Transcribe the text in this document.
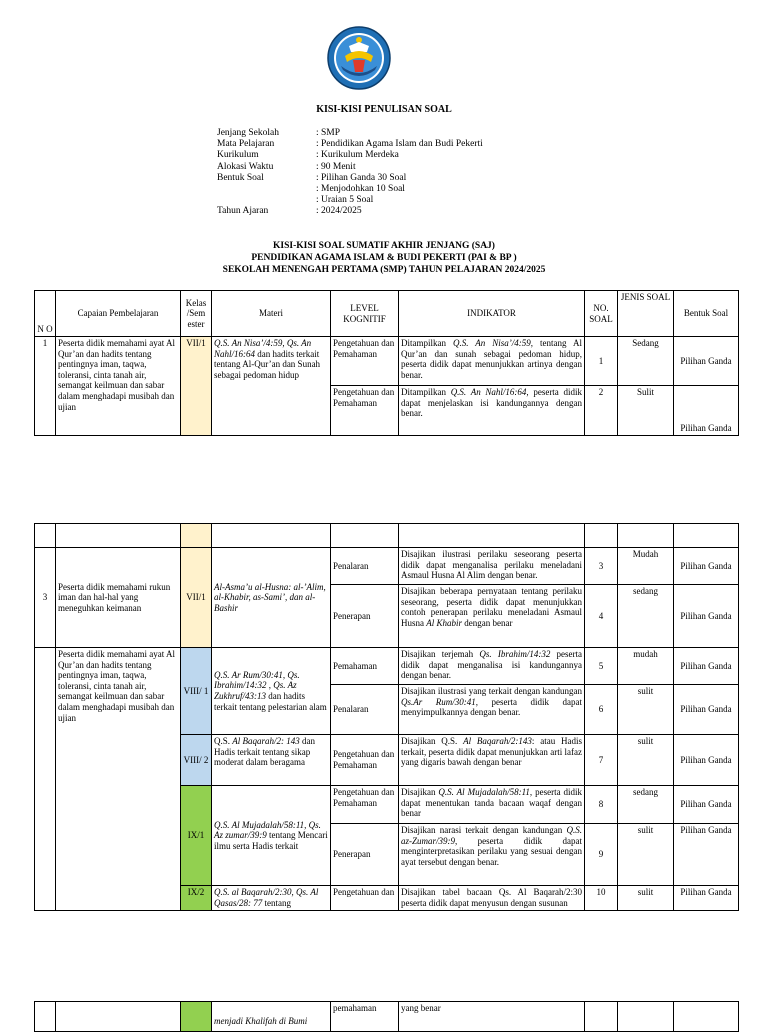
KISI-KISI PENULISAN SOAL
Jenjang Sekolah	: SMP
Mata Pelajaran	: Pendidikan Agama Islam dan Budi Pekerti
Kurikulum	: Kurikulum Merdeka
Alokasi Waktu	: 90 Menit
Bentuk Soal	: Pilihan Ganda 30 Soal
: Menjodohkan 10 Soal
: Uraian 5 Soal
Tahun Ajaran	: 2024/2025
KISI-KISI SOAL SUMATIF AKHIR JENJANG (SAJ)
PENDIDIKAN AGAMA ISLAM & BUDI PEKERTI (PAI & BP )
SEKOLAH MENENGAH PERTAMA (SMP) TAHUN PELAJARAN 2024/2025
N O	Capaian Pembelajaran	Kelas /Sem ester	Materi	LEVEL KOGNITIF	INDIKATOR	NO. SOAL	JENIS SOAL	Bentuk Soal
1	Peserta didik memahami ayat Al Qur’an dan hadits tentang pentingnya iman, taqwa, toleransi, cinta tanah air, semangat keilmuan dan sabar dalam menghadapi musibah dan ujian	VII/1	Q.S. An Nisa’/4:59, Qs. An Nahl/16:64 dan hadits terkait tentang Al-Qur’an dan Sunah sebagai pedoman hidup	Pengetahuan dan Pemahaman	Ditampilkan Q.S. An Nisa’/4:59, tentang Al Qur’an dan sunah sebagai pedoman hidup, peserta didik dapat menunjukkan artinya dengan benar.	1	Sedang	Pilihan Ganda
				Pengetahuan dan Pemahaman	Ditampilkan Q.S. An Nahl/16:64, peserta didik dapat menjelaskan isi kandungannya dengan benar.	2	Sulit	Pilihan Ganda

3	Peserta didik memahami rukun iman dan hal-hal yang meneguhkan keimanan	VII/1	Al-Asma’u al-Husna: al-’Alim, al-Khabir, as-Sami’, dan al-Bashir	Penalaran	Disajikan ilustrasi perilaku seseorang peserta didik dapat menganalisa perilaku meneladani Asmaul Husna Al Alim dengan benar.	3	Mudah	Pilihan Ganda
				Penerapan	Disajikan beberapa pernyataan tentang perilaku seseorang, peserta didik dapat menunjukkan contoh penerapan perilaku meneladani Asmaul Husna Al Khabir dengan benar	4	sedang	Pilihan Ganda
	Peserta didik memahami ayat Al Qur’an dan hadits tentang pentingnya iman, taqwa, toleransi, cinta tanah air, semangat keilmuan dan sabar dalam menghadapi musibah dan ujian	VIII/ 1	Q.S. Ar Rum/30:41, Qs. Ibrahim/14:32 , Qs. Az Zukhruf/43:13 dan hadits terkait tentang pelestarian alam	Pemahaman	Disajikan terjemah Qs. Ibrahim/14:32 peserta didik dapat menganalisa isi kandungannya dengan benar.	5	mudah	Pilihan Ganda
				Penalaran	Disajikan ilustrasi yang terkait dengan kandungan Qs.Ar Rum/30:41, peserta didik dapat menyimpulkannya dengan benar.	6	sulit	Pilihan Ganda
		VIII/ 2	Q.S. Al Baqarah/2: 143 dan Hadis terkait tentang sikap moderat dalam beragama	Pengetahuan dan Pemahaman	Disajikan Q.S. Al Baqarah/2:143: atau Hadis terkait, peserta didik dapat menunjukkan arti lafaz yang digaris bawah dengan benar	7	sulit	Pilihan Ganda
		IX/1	Q.S. Al Mujadalah/58:11, Qs. Az zumar/39:9 tentang Mencari ilmu serta Hadis terkait	Pengetahuan dan Pemahaman	Disajikan Q.S. Al Mujadalah/58:11, peserta didik dapat menentukan tanda bacaan waqaf dengan benar	8	sedang	Pilihan Ganda
				Penerapan	Disajikan narasi terkait dengan kandungan Q.S. az-Zumar/39:9, peserta didik dapat menginterpretasikan perilaku yang sesuai dengan ayat tersebut dengan benar.	9	sulit	Pilihan Ganda
		IX/2	Q.S. al Baqarah/2:30, Qs. Al Qasas/28: 77 tentang	Pengetahuan dan	Disajikan tabel bacaan Qs. Al Baqarah/2:30 peserta didik dapat menyusun dengan susunan	10	sulit	Pilihan Ganda
			menjadi Khalifah di Bumi	pemahaman	yang benar			
